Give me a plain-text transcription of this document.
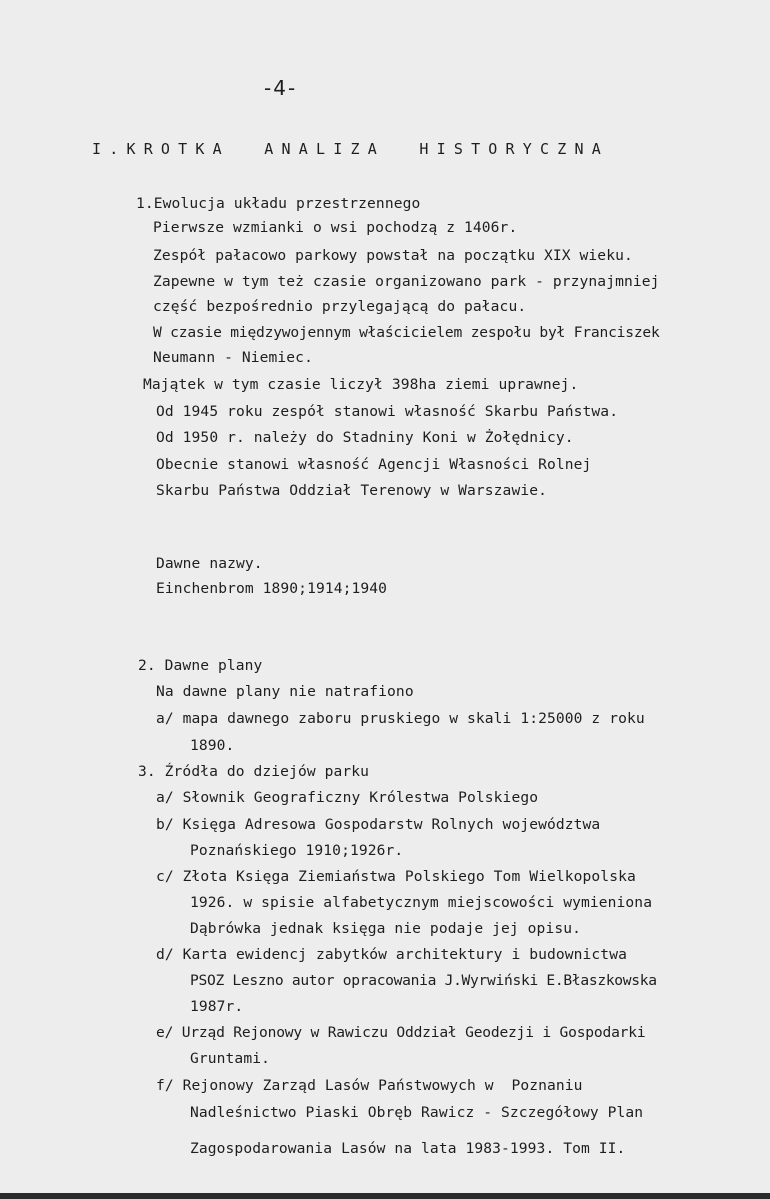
-4-
I.KROTKA  ANALIZA  HISTORYCZNA
1.Ewolucja układu przestrzennego
Pierwsze wzmianki o wsi pochodzą z 1406r.
Zespół pałacowo parkowy powstał na początku XIX wieku.
Zapewne w tym też czasie organizowano park - przynajmniej
część bezpośrednio przylegającą do pałacu.
W czasie międzywojennym właścicielem zespołu był Franciszek
Neumann - Niemiec.
Majątek w tym czasie liczył 398ha ziemi uprawnej.
Od 1945 roku zespół stanowi własność Skarbu Państwa.
Od 1950 r. należy do Stadniny Koni w Żołędnicy.
Obecnie stanowi własność Agencji Własności Rolnej
Skarbu Państwa Oddział Terenowy w Warszawie.
Dawne nazwy.
Einchenbrom 1890;1914;1940
2. Dawne plany
Na dawne plany nie natrafiono
a/ mapa dawnego zaboru pruskiego w skali 1:25000 z roku
1890.
3. Źródła do dziejów parku
a/ Słownik Geograficzny Królestwa Polskiego
b/ Księga Adresowa Gospodarstw Rolnych województwa
Poznańskiego 1910;1926r.
c/ Złota Księga Ziemiaństwa Polskiego Tom Wielkopolska
1926. w spisie alfabetycznym miejscowości wymieniona
Dąbrówka jednak księga nie podaje jej opisu.
d/ Karta ewidencj zabytków architektury i budownictwa
PSOZ Leszno autor opracowania J.Wyrwiński E.Błaszkowska
1987r.
e/ Urząd Rejonowy w Rawiczu Oddział Geodezji i Gospodarki
Gruntami.
f/ Rejonowy Zarząd Lasów Państwowych w  Poznaniu
Nadleśnictwo Piaski Obręb Rawicz - Szczegółowy Plan
Zagospodarowania Lasów na lata 1983-1993. Tom II.
